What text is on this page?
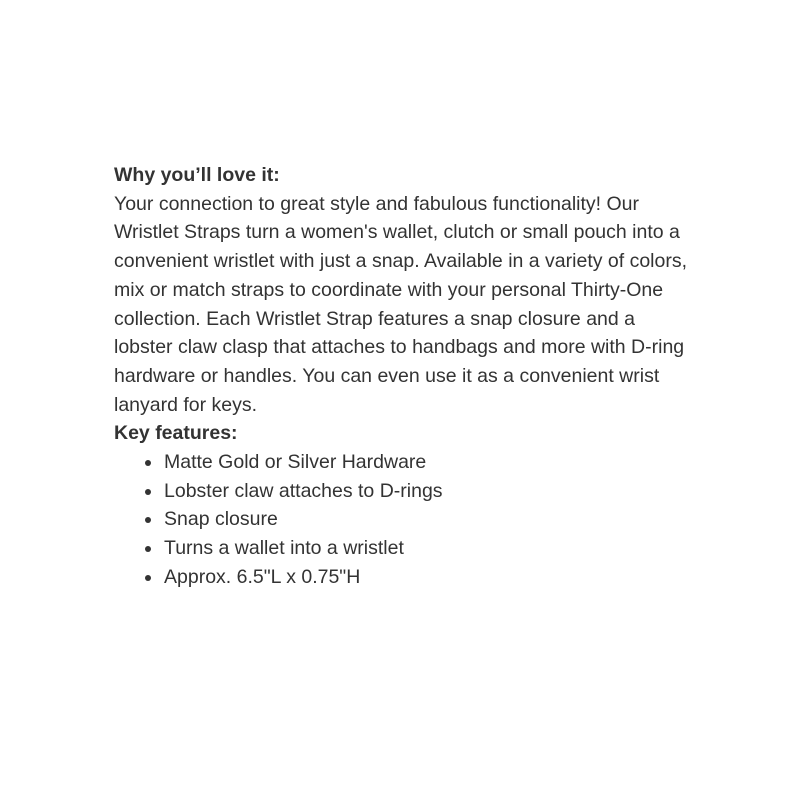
Why you’ll love it:

Your connection to great style and fabulous functionality! Our Wristlet Straps turn a women's wallet, clutch or small pouch into a convenient wristlet with just a snap. Available in a variety of colors, mix or match straps to coordinate with your personal Thirty-One collection. Each Wristlet Strap features a snap closure and a lobster claw clasp that attaches to handbags and more with D-ring hardware or handles. You can even use it as a convenient wrist lanyard for keys.

Key features:

Matte Gold or Silver Hardware
Lobster claw attaches to D-rings
Snap closure
Turns a wallet into a wristlet
Approx. 6.5"L x 0.75"H
